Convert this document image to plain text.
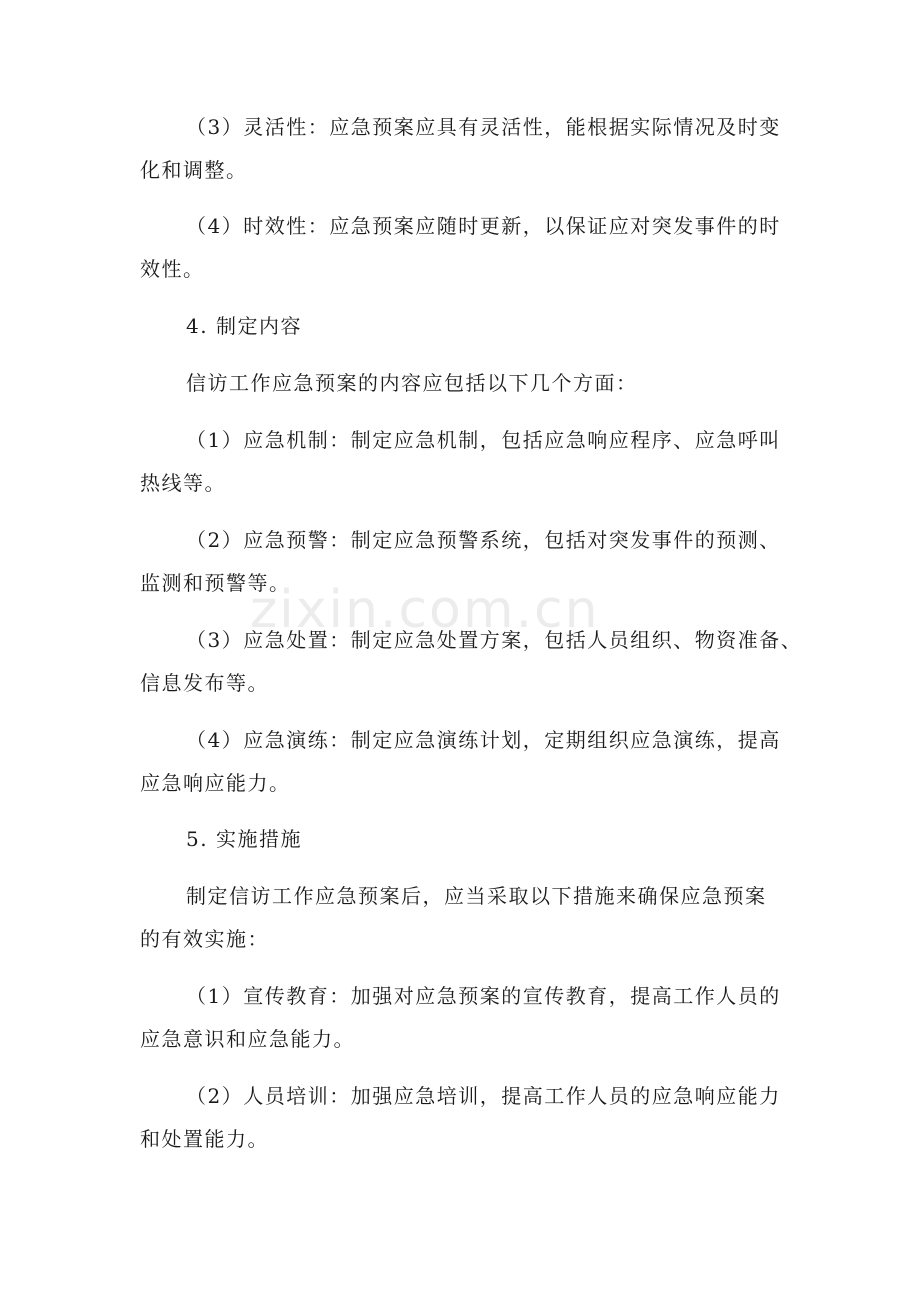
（3）灵活性：应急预案应具有灵活性，能根据实际情况及时变
化和调整。

（4）时效性：应急预案应随时更新，以保证应对突发事件的时
效性。

4. 制定内容

信访工作应急预案的内容应包括以下几个方面：

（1）应急机制：制定应急机制，包括应急响应程序、应急呼叫
热线等。

（2）应急预警：制定应急预警系统，包括对突发事件的预测、
监测和预警等。

（3）应急处置：制定应急处置方案，包括人员组织、物资准备、
信息发布等。

（4）应急演练：制定应急演练计划，定期组织应急演练，提高
应急响应能力。

5. 实施措施

制定信访工作应急预案后，应当采取以下措施来确保应急预案
的有效实施：

（1）宣传教育：加强对应急预案的宣传教育，提高工作人员的
应急意识和应急能力。

（2）人员培训：加强应急培训，提高工作人员的应急响应能力
和处置能力。

zixin.com.cn
